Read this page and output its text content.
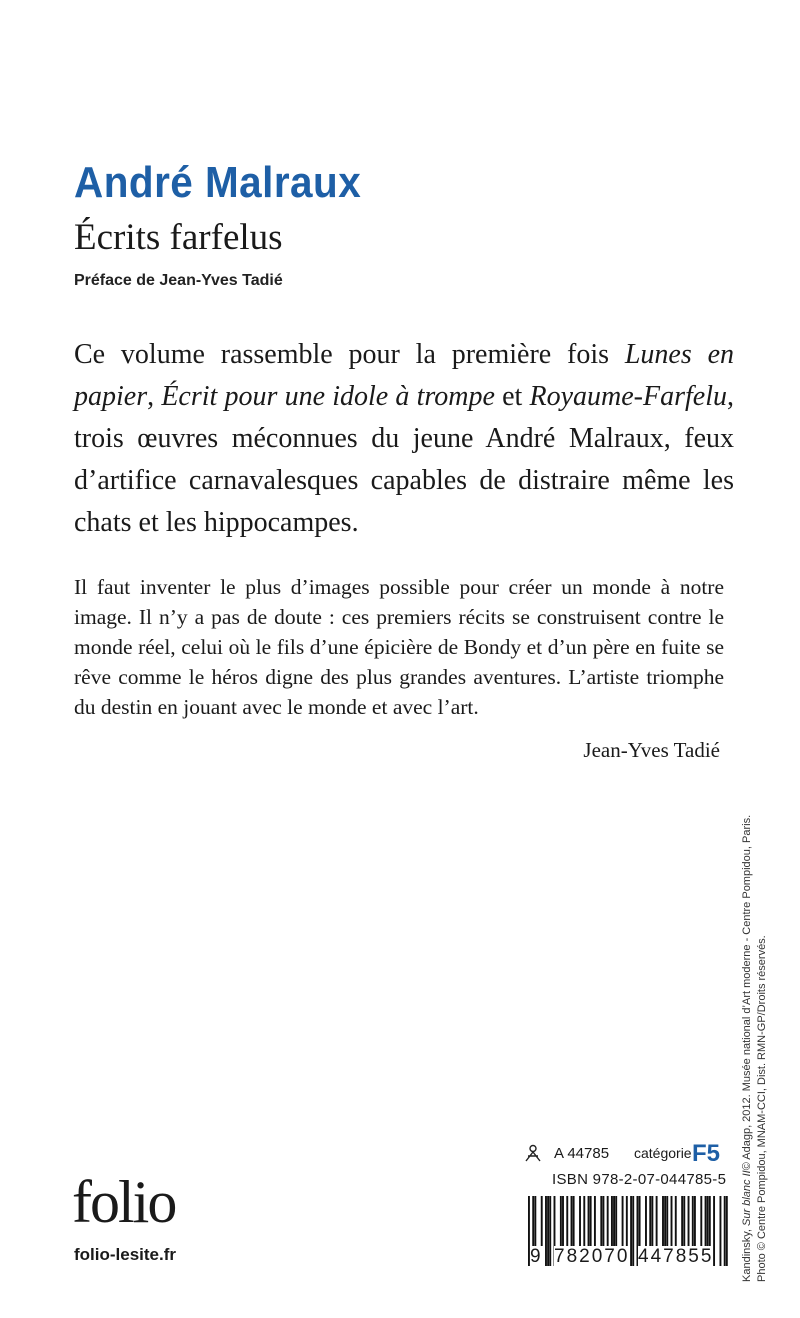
André Malraux
Écrits farfelus
Préface de Jean-Yves Tadié

Ce volume rassemble pour la première fois Lunes en papier, Écrit pour une idole à trompe et Royaume-Farfelu, trois œuvres méconnues du jeune André Malraux, feux d’artifice carnavalesques capables de distraire même les chats et les hippocampes.

Il faut inventer le plus d’images possible pour créer un monde à notre image. Il n’y a pas de doute : ces premiers récits se construisent contre le monde réel, celui où le fils d’une épicière de Bondy et d’un père en fuite se rêve comme le héros digne des plus grandes aventures. L’artiste triomphe du destin en jouant avec le monde et avec l’art.

Jean-Yves Tadié

Kandinsky, Sur blanc II© Adagp, 2012. Musée national d’Art moderne - Centre Pompidou, Paris. Photo © Centre Pompidou, MNAM-CCI, Dist. RMN-GP/Droits réservés.

folio
folio-lesite.fr
A 44785 catégorie F5
ISBN 978-2-07-044785-5
9 782070 447855
